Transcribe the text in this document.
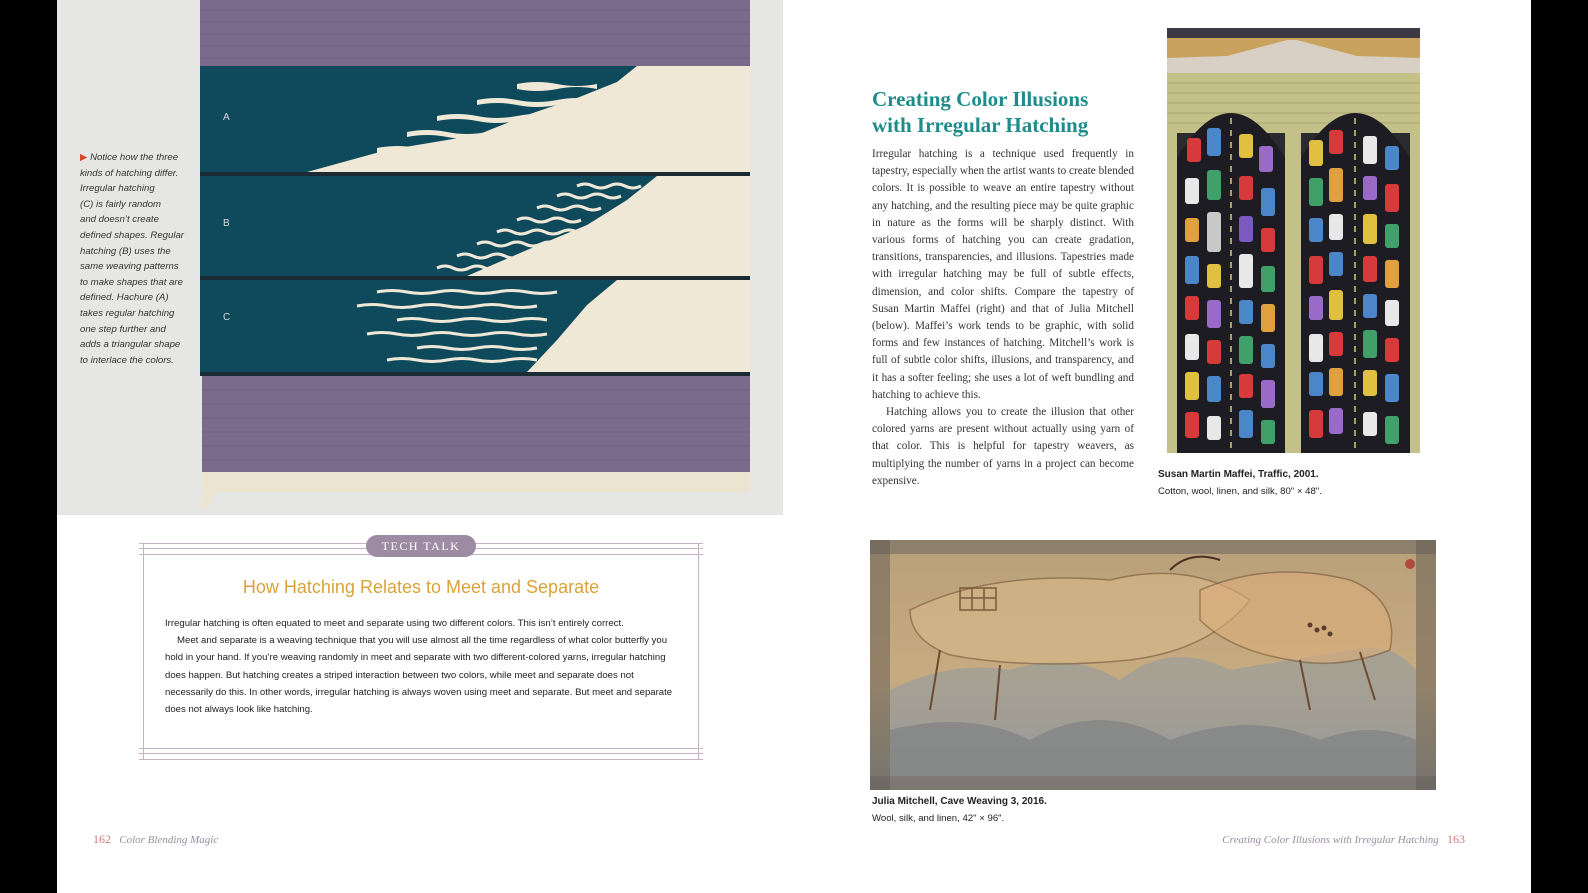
A
B
C
▶ Notice how the three
kinds of hatching differ.
Irregular hatching
(C) is fairly random
and doesn’t create
defined shapes. Regular
hatching (B) uses the
same weaving patterns
to make shapes that are
defined. Hachure (A)
takes regular hatching
one step further and
adds a triangular shape
to interlace the colors.
TECH TALK
How Hatching Relates to Meet and Separate

Irregular hatching is often equated to meet and separate using two different colors. This isn’t entirely correct.

Meet and separate is a weaving technique that you will use almost all the time regardless of what color butterfly you hold in your hand. If you’re weaving randomly in meet and separate with two different-colored yarns, irregular hatching does happen. But hatching creates a striped interaction between two colors, while meet and separate does not necessarily do this. In other words, irregular hatching is always woven using meet and separate. But meet and separate does not always look like hatching.

162 Color Blending Magic
Creating Color Illusions
with Irregular Hatching

Irregular hatching is a technique used frequently in tapestry, especially when the artist wants to create blended colors. It is possible to weave an entire tapestry without any hatching, and the resulting piece may be quite graphic in nature as the forms will be sharply distinct. With various forms of hatching you can create gradation, transitions, transparencies, and illusions. Tapestries made with irregular hatching may be full of subtle effects, dimension, and color shifts. Compare the tapestry of Susan Martin Maffei (right) and that of Julia Mitchell (below). Maffei’s work tends to be graphic, with solid forms and few instances of hatching. Mitchell’s work is full of subtle color shifts, illusions, and transparency, and it has a softer feeling; she uses a lot of weft bundling and hatching to achieve this.

Hatching allows you to create the illusion that other colored yarns are present without actually using yarn of that color. This is helpful for tapestry weavers, as multiplying the number of yarns in a project can become expensive.

Susan Martin Maffei, Traffic, 2001.
Cotton, wool, linen, and silk, 80" × 48".
Julia Mitchell, Cave Weaving 3, 2016.
Wool, silk, and linen, 42" × 96".
Creating Color Illusions with Irregular Hatching 163
